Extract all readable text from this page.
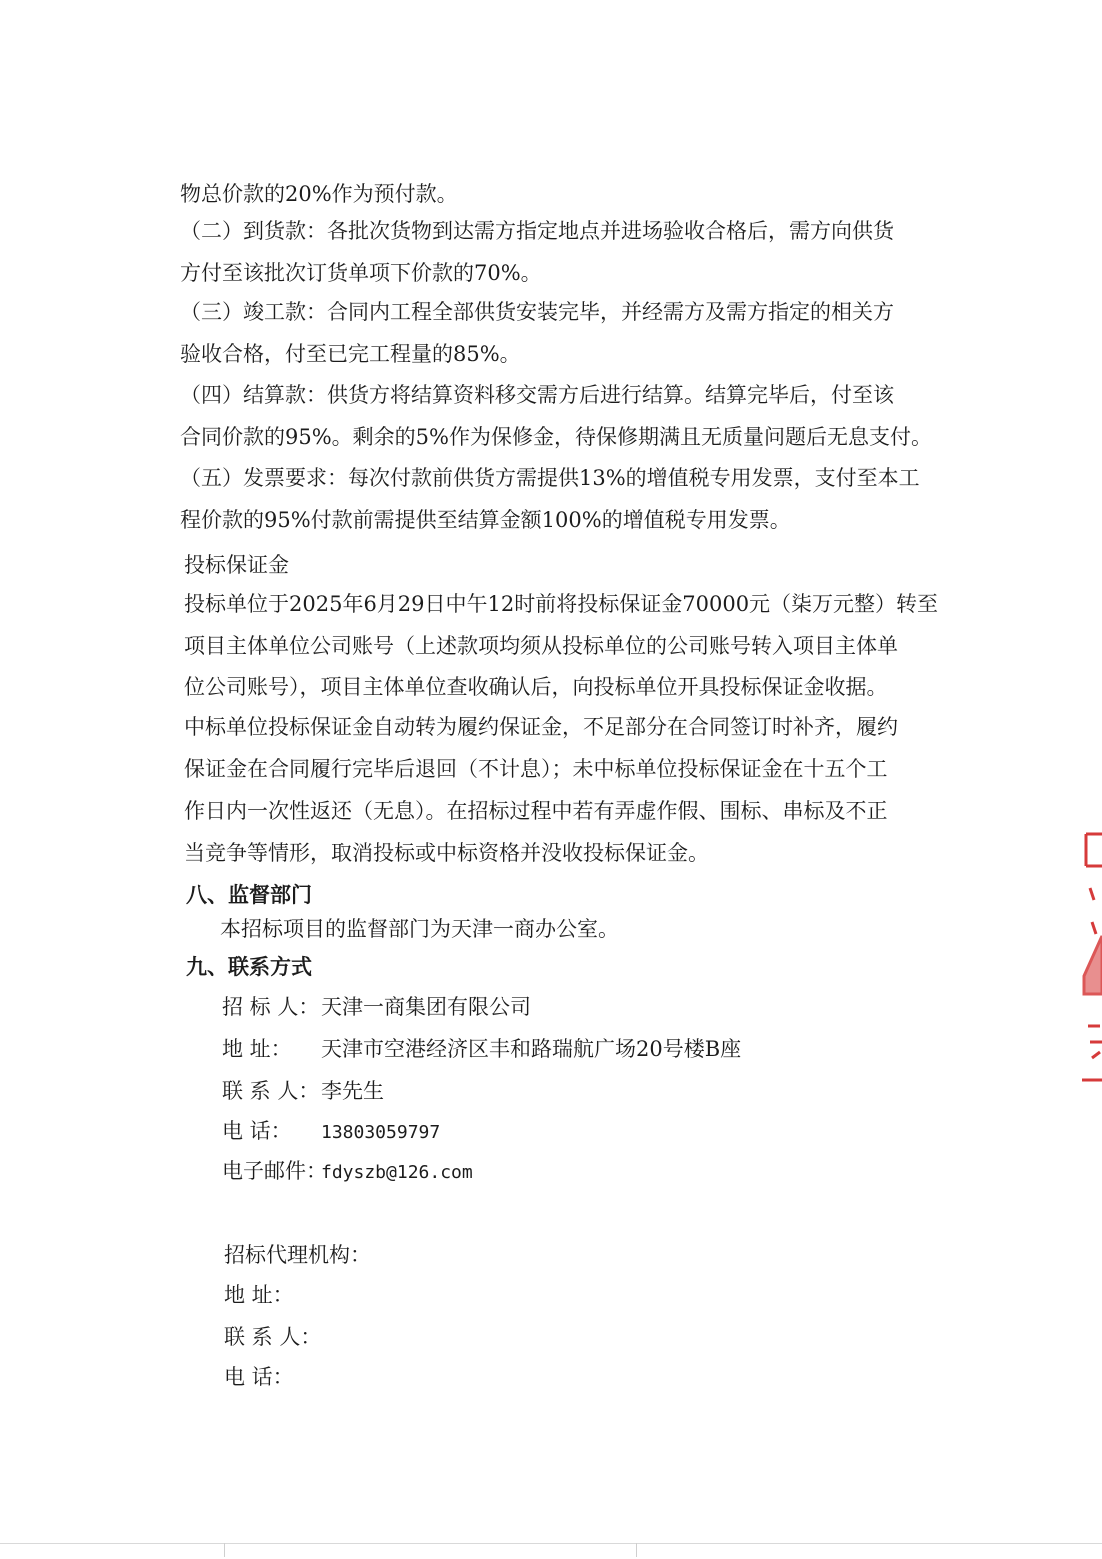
物总价款的20%作为预付款。
（二）到货款：各批次货物到达需方指定地点并进场验收合格后，需方向供货
方付至该批次订货单项下价款的70%。
（三）竣工款：合同内工程全部供货安装完毕，并经需方及需方指定的相关方
验收合格，付至已完工程量的85%。
（四）结算款：供货方将结算资料移交需方后进行结算。结算完毕后，付至该
合同价款的95%。剩余的5%作为保修金，待保修期满且无质量问题后无息支付。
（五）发票要求：每次付款前供货方需提供13%的增值税专用发票，支付至本工
程价款的95%付款前需提供至结算金额100%的增值税专用发票。
投标保证金
投标单位于2025年6月29日中午12时前将投标保证金70000元（柒万元整）转至
项目主体单位公司账号（上述款项均须从投标单位的公司账号转入项目主体单
位公司账号），项目主体单位查收确认后，向投标单位开具投标保证金收据。
中标单位投标保证金自动转为履约保证金，不足部分在合同签订时补齐，履约
保证金在合同履行完毕后退回（不计息）；未中标单位投标保证金在十五个工
作日内一次性返还（无息）。在招标过程中若有弄虚作假、围标、串标及不正
当竞争等情形，取消投标或中标资格并没收投标保证金。
八、监督部门
本招标项目的监督部门为天津一商办公室。
九、联系方式
招 标 人：天津一商集团有限公司
地 址： 天津市空港经济区丰和路瑞航广场20号楼B座
联 系 人：李先生
电 话： 13803059797
电子邮件：fdyszb@126.com
招标代理机构：
地 址：
联 系 人：
电 话：
